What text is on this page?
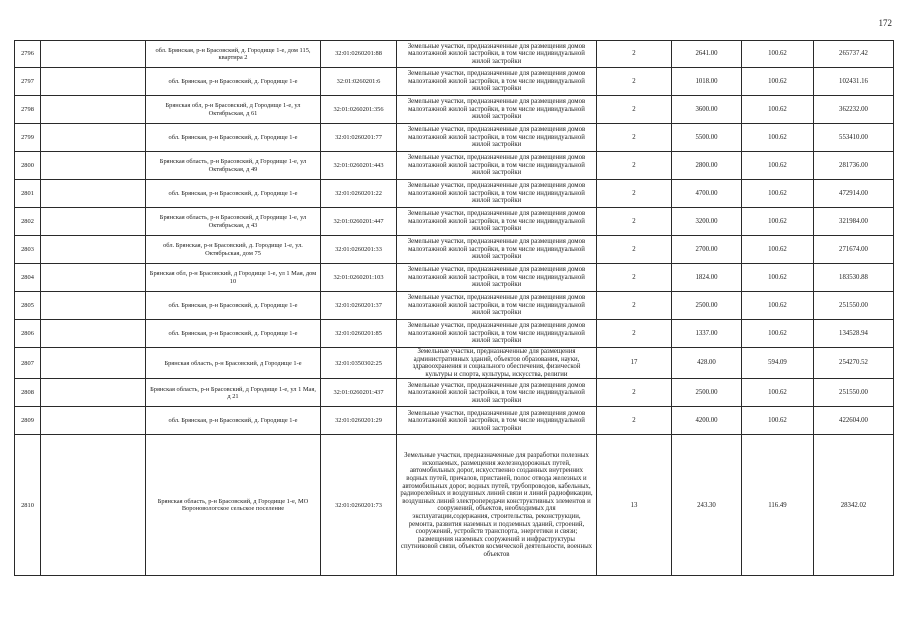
172
2796		обл. Брянская, р-н Брасовский, д. Городище 1-е, дом 115, квартира 2	32:01:0260201:88	Земельные участки, предназначенные для размещения домов малоэтажной жилой застройки, в том числе индивидуальной жилой застройки	2	2641.00	100.62	265737.42
2797		обл. Брянская, р-н Брасовский, д. Городище 1-е	32:01:0260201:6	Земельные участки, предназначенные для размещения домов малоэтажной жилой застройки, в том числе индивидуальной жилой застройки	2	1018.00	100.62	102431.16
2798		Брянская обл, р-н Брасовский, д Городище 1-е, ул Октябрьская, д 61	32:01:0260201:356	Земельные участки, предназначенные для размещения домов малоэтажной жилой застройки, в том числе индивидуальной жилой застройки	2	3600.00	100.62	362232.00
2799		обл. Брянская, р-н Брасовский, д. Городище 1-е	32:01:0260201:77	Земельные участки, предназначенные для размещения домов малоэтажной жилой застройки, в том числе индивидуальной жилой застройки	2	5500.00	100.62	553410.00
2800		Брянская область, р-н Брасовский, д Городище 1-е, ул Октябрьская, д 49	32:01:0260201:443	Земельные участки, предназначенные для размещения домов малоэтажной жилой застройки, в том числе индивидуальной жилой застройки	2	2800.00	100.62	281736.00
2801		обл. Брянская, р-н Брасовский, д. Городище 1-е	32:01:0260201:22	Земельные участки, предназначенные для размещения домов малоэтажной жилой застройки, в том числе индивидуальной жилой застройки	2	4700.00	100.62	472914.00
2802		Брянская область, р-н Брасовский, д Городище 1-е, ул Октябрьская, д 43	32:01:0260201:447	Земельные участки, предназначенные для размещения домов малоэтажной жилой застройки, в том числе индивидуальной жилой застройки	2	3200.00	100.62	321984.00
2803		обл. Брянская, р-н Брасовский, д. Городище 1-е, ул. Октябрьская, дом 75	32:01:0260201:33	Земельные участки, предназначенные для размещения домов малоэтажной жилой застройки, в том числе индивидуальной жилой застройки	2	2700.00	100.62	271674.00
2804		Брянская обл, р-н Брасовский, д Городище 1-е, ул 1 Мая, дом 10	32:01:0260201:103	Земельные участки, предназначенные для размещения домов малоэтажной жилой застройки, в том числе индивидуальной жилой застройки	2	1824.00	100.62	183530.88
2805		обл. Брянская, р-н Брасовский, д. Городище 1-е	32:01:0260201:37	Земельные участки, предназначенные для размещения домов малоэтажной жилой застройки, в том числе индивидуальной жилой застройки	2	2500.00	100.62	251550.00
2806		обл. Брянская, р-н Брасовский, д. Городище 1-е	32:01:0260201:85	Земельные участки, предназначенные для размещения домов малоэтажной жилой застройки, в том числе индивидуальной жилой застройки	2	1337.00	100.62	134528.94
2807		Брянская область, р-н Брасовский, д Городище 1-е	32:01:0350302:25	Земельные участки, предназначенные для размещения административных зданий, объектов образования, науки, здравоохранения и социального обеспечения, физической культуры и спорта, культуры, искусства, религии	17	428.00	594.09	254270.52
2808		Брянская область, р-н Брасовский, д Городище 1-е, ул 1 Мая, д 21	32:01:0260201:437	Земельные участки, предназначенные для размещения домов малоэтажной жилой застройки, в том числе индивидуальной жилой застройки	2	2500.00	100.62	251550.00
2809		обл. Брянская, р-н Брасовский, д. Городище 1-е	32:01:0260201:29	Земельные участки, предназначенные для размещения домов малоэтажной жилой застройки, в том числе индивидуальной жилой застройки	2	4200.00	100.62	422604.00
2810		Брянская область, р-н Брасовский, д Городище 1-е, МО Вороновологское сельское поселение	32:01:0260201:73	Земельные участки, предназначенные для разработки полезных ископаемых, размещения железнодорожных путей, автомобильных дорог, искусственно созданных внутренних водных путей, причалов, пристаней, полос отвода железных и автомобильных дорог, водных путей, трубопроводов, кабельных, радиорелейных и воздушных линий связи и линий радиофикации, воздушных линий электропередачи конструктивных элементов и сооружений, объектов, необходимых для эксплуатации,содержания, строительства, реконструкции, ремонта, развития наземных и подземных зданий, строений, сооружений, устройств транспорта, энергетики и связи; размещения наземных сооружений и инфраструктуры спутниковой связи, объектов космической деятельности, военных объектов	13	243.30	116.49	28342.02
